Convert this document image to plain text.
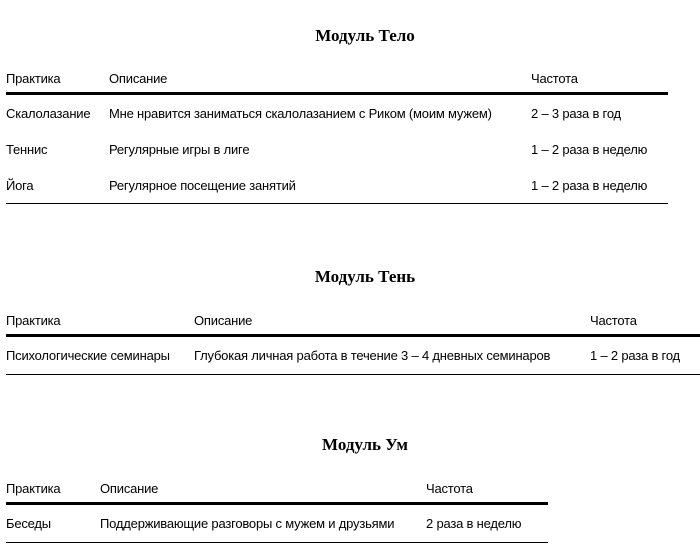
Модуль Тело
Практика	Описание	Частота
Скалолазание	Мне нравится заниматься скалолазанием с Риком (моим мужем)	2 – 3 раза в год
Теннис	Регулярные игры в лиге	1 – 2 раза в неделю
Йога	Регулярное посещение занятий	1 – 2 раза в неделю
Модуль Тень
Практика	Описание	Частота
Психологические семинары	Глубокая личная работа в течение 3 – 4 дневных семинаров	1 – 2 раза в год
Модуль Ум
Практика	Описание	Частота
Беседы	Поддерживающие разговоры с мужем и друзьями	2 раза в неделю
